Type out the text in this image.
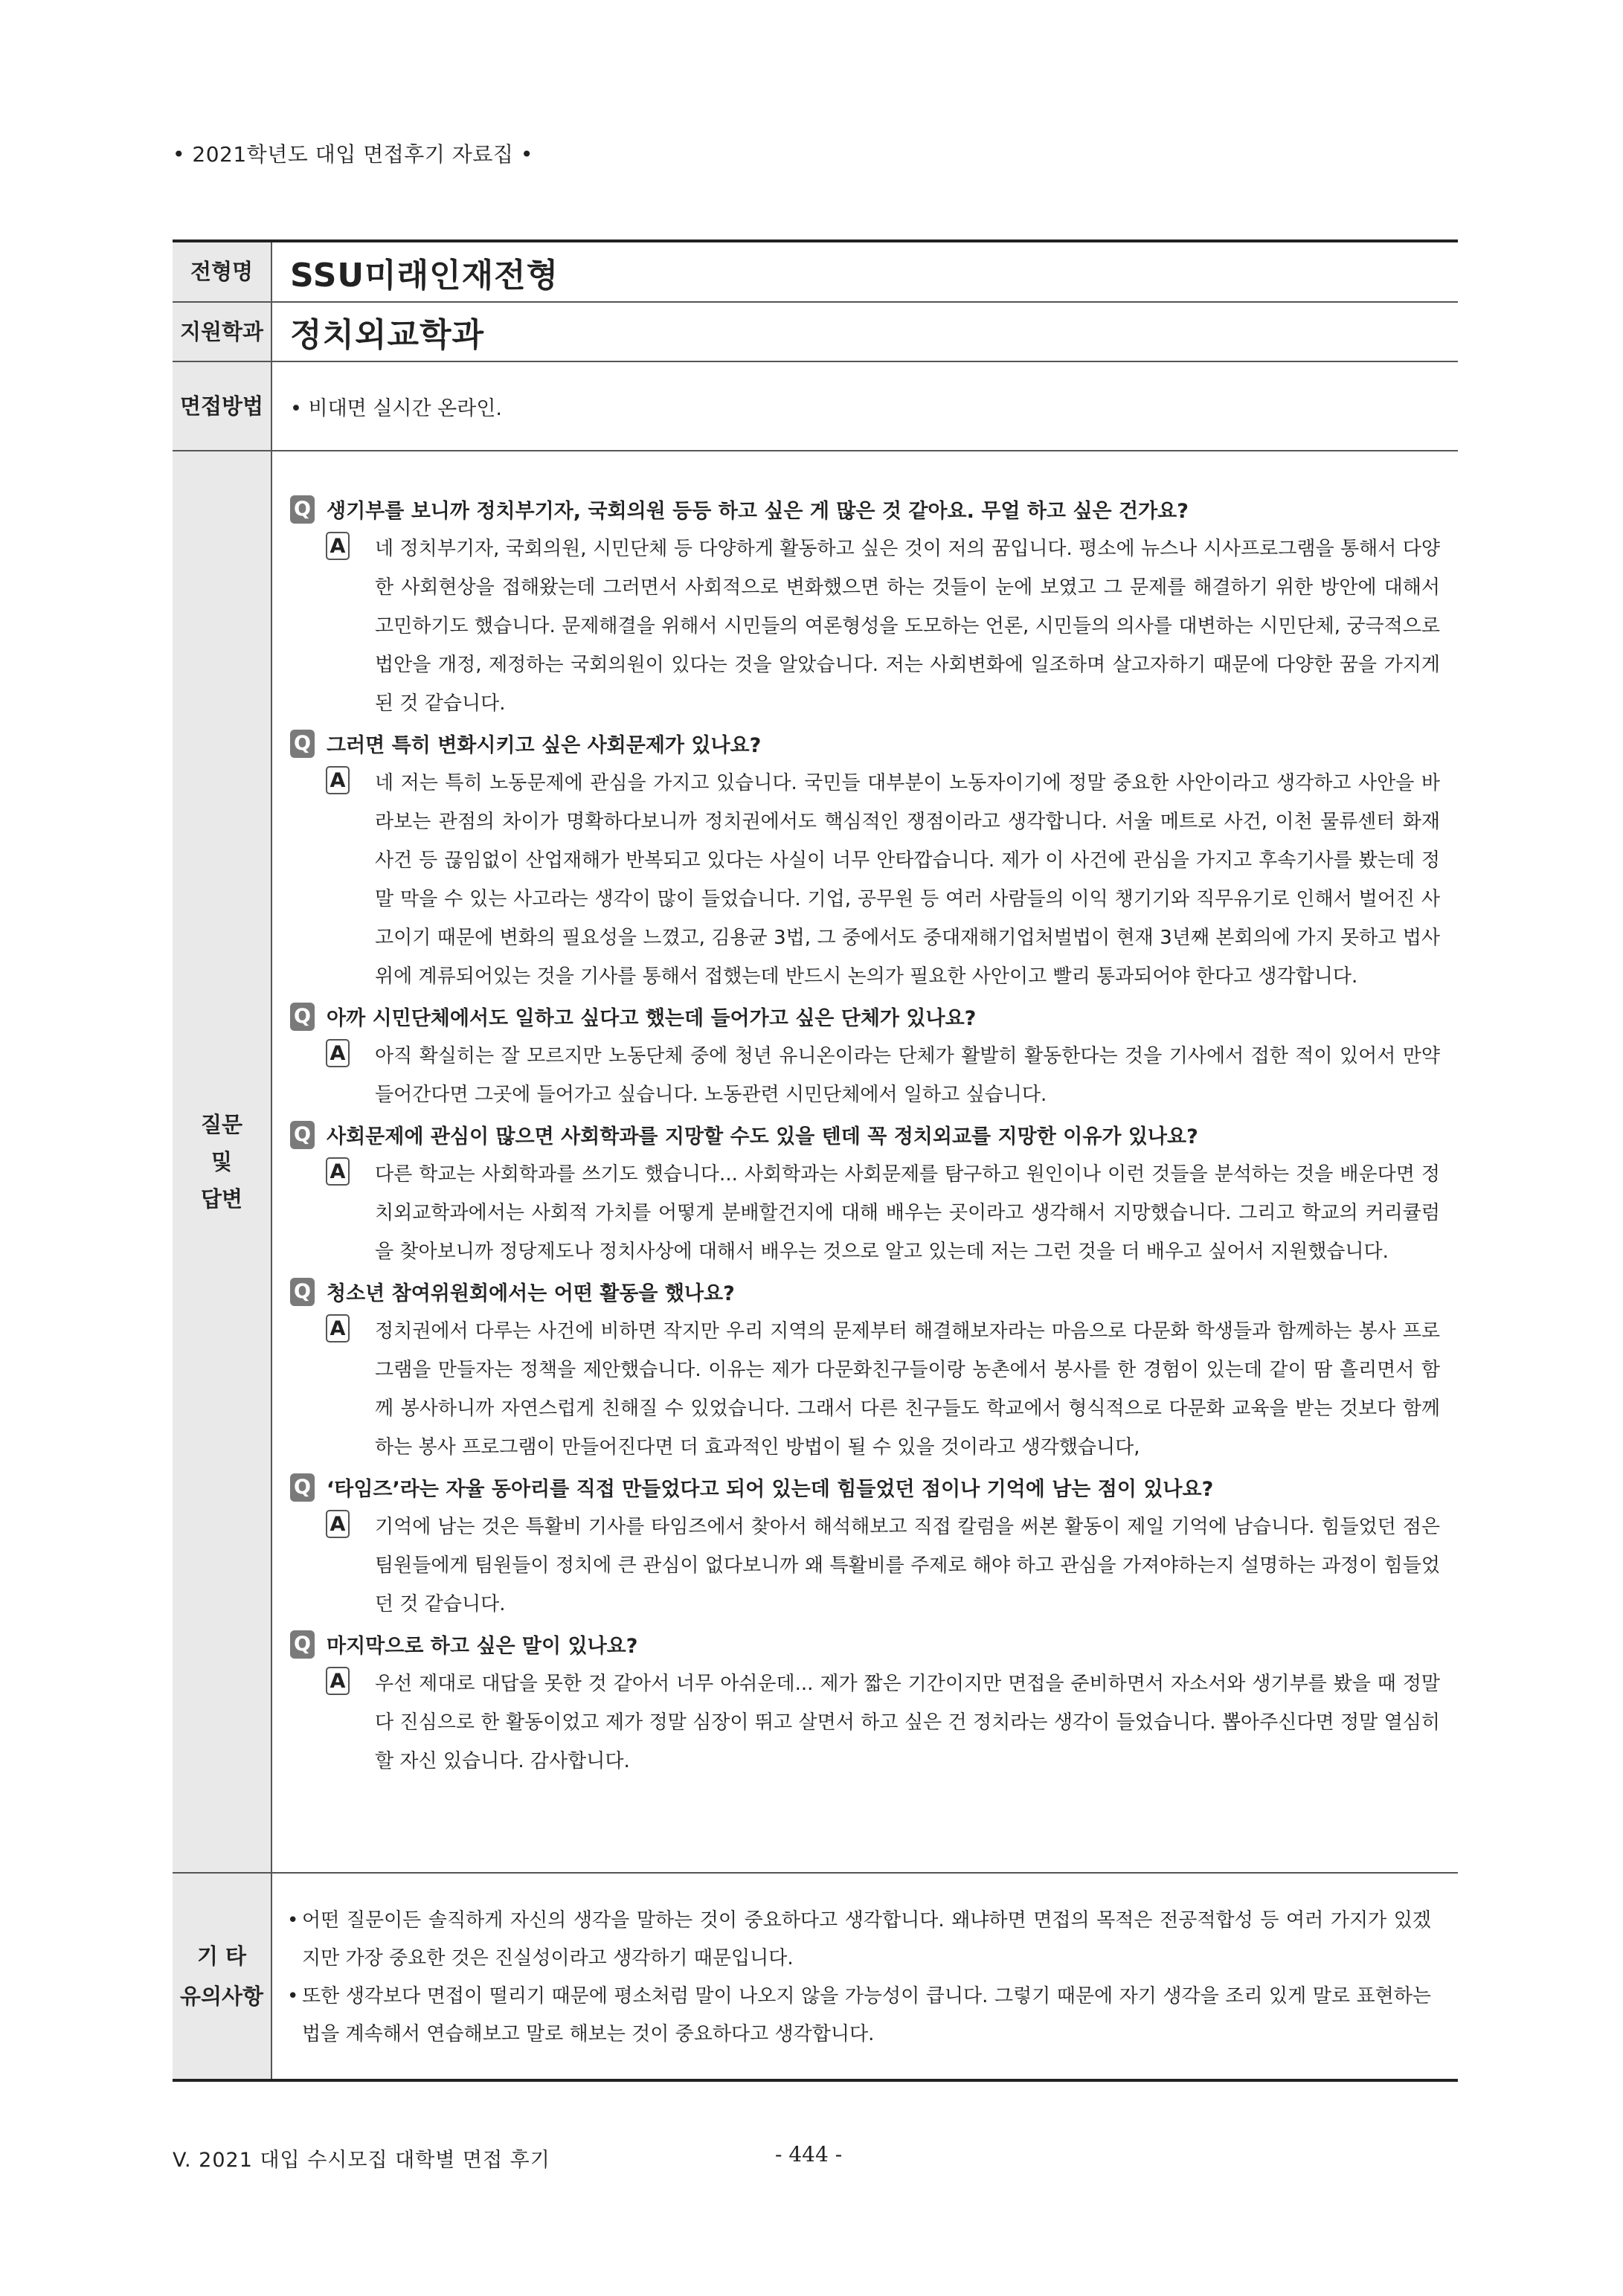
• 2021학년도 대입 면접후기 자료집 •
전형명	SSU미래인재전형
지원학과 정치외교학과
면접방법	• 비대면 실시간 온라인.
질문
및
답변
Q 생기부를 보니까 정치부기자, 국회의원 등등 하고 싶은 게 많은 것 같아요. 무얼 하고 싶은 건가요?
A 네 정치부기자, 국회의원, 시민단체 등 다양하게 활동하고 싶은 것이 저의 꿈입니다. 평소에 뉴스나 시사프로그램을 통해서 다양한 사회현상을 접해왔는데 그러면서 사회적으로 변화했으면 하는 것들이 눈에 보였고 그 문제를 해결하기 위한 방안에 대해서 고민하기도 했습니다. 문제해결을 위해서 시민들의 여론형성을 도모하는 언론, 시민들의 의사를 대변하는 시민단체, 궁극적으로 법안을 개정, 제정하는 국회의원이 있다는 것을 알았습니다. 저는 사회변화에 일조하며 살고자하기 때문에 다양한 꿈을 가지게 된 것 같습니다.
Q 그러면 특히 변화시키고 싶은 사회문제가 있나요?
A 네 저는 특히 노동문제에 관심을 가지고 있습니다. 국민들 대부분이 노동자이기에 정말 중요한 사안이라고 생각하고 사안을 바라보는 관점의 차이가 명확하다보니까 정치권에서도 핵심적인 쟁점이라고 생각합니다. 서울 메트로 사건, 이천 물류센터 화재 사건 등 끊임없이 산업재해가 반복되고 있다는 사실이 너무 안타깝습니다. 제가 이 사건에 관심을 가지고 후속기사를 봤는데 정말 막을 수 있는 사고라는 생각이 많이 들었습니다. 기업, 공무원 등 여러 사람들의 이익 챙기기와 직무유기로 인해서 벌어진 사고이기 때문에 변화의 필요성을 느꼈고, 김용균 3법, 그 중에서도 중대재해기업처벌법이 현재 3년째 본회의에 가지 못하고 법사위에 계류되어있는 것을 기사를 통해서 접했는데 반드시 논의가 필요한 사안이고 빨리 통과되어야 한다고 생각합니다.
Q 아까 시민단체에서도 일하고 싶다고 했는데 들어가고 싶은 단체가 있나요?
A 아직 확실히는 잘 모르지만 노동단체 중에 청년 유니온이라는 단체가 활발히 활동한다는 것을 기사에서 접한 적이 있어서 만약 들어간다면 그곳에 들어가고 싶습니다. 노동관련 시민단체에서 일하고 싶습니다.
Q 사회문제에 관심이 많으면 사회학과를 지망할 수도 있을 텐데 꼭 정치외교를 지망한 이유가 있나요?
A 다른 학교는 사회학과를 쓰기도 했습니다... 사회학과는 사회문제를 탐구하고 원인이나 이런 것들을 분석하는 것을 배운다면 정치외교학과에서는 사회적 가치를 어떻게 분배할건지에 대해 배우는 곳이라고 생각해서 지망했습니다. 그리고 학교의 커리큘럼을 찾아보니까 정당제도나 정치사상에 대해서 배우는 것으로 알고 있는데 저는 그런 것을 더 배우고 싶어서 지원했습니다.
Q 청소년 참여위원회에서는 어떤 활동을 했나요?
A 정치권에서 다루는 사건에 비하면 작지만 우리 지역의 문제부터 해결해보자라는 마음으로 다문화 학생들과 함께하는 봉사 프로그램을 만들자는 정책을 제안했습니다. 이유는 제가 다문화친구들이랑 농촌에서 봉사를 한 경험이 있는데 같이 땀 흘리면서 함께 봉사하니까 자연스럽게 친해질 수 있었습니다. 그래서 다른 친구들도 학교에서 형식적으로 다문화 교육을 받는 것보다 함께하는 봉사 프로그램이 만들어진다면 더 효과적인 방법이 될 수 있을 것이라고 생각했습니다,
Q ‘타임즈’라는 자율 동아리를 직접 만들었다고 되어 있는데 힘들었던 점이나 기억에 남는 점이 있나요?
A 기억에 남는 것은 특활비 기사를 타임즈에서 찾아서 해석해보고 직접 칼럼을 써본 활동이 제일 기억에 남습니다. 힘들었던 점은 팀원들에게 팀원들이 정치에 큰 관심이 없다보니까 왜 특활비를 주제로 해야 하고 관심을 가져야하는지 설명하는 과정이 힘들었던 것 같습니다.
Q 마지막으로 하고 싶은 말이 있나요?
A 우선 제대로 대답을 못한 것 같아서 너무 아쉬운데... 제가 짧은 기간이지만 면접을 준비하면서 자소서와 생기부를 봤을 때 정말 다 진심으로 한 활동이었고 제가 정말 심장이 뛰고 살면서 하고 싶은 건 정치라는 생각이 들었습니다. 뽑아주신다면 정말 열심히 할 자신 있습니다. 감사합니다.
기 타
유의사항
• 어떤 질문이든 솔직하게 자신의 생각을 말하는 것이 중요하다고 생각합니다. 왜냐하면 면접의 목적은 전공적합성 등 여러 가지가 있겠지만 가장 중요한 것은 진실성이라고 생각하기 때문입니다.
• 또한 생각보다 면접이 떨리기 때문에 평소처럼 말이 나오지 않을 가능성이 큽니다. 그렇기 때문에 자기 생각을 조리 있게 말로 표현하는 법을 계속해서 연습해보고 말로 해보는 것이 중요하다고 생각합니다.
V. 2021 대입 수시모집 대학별 면접 후기	- 444 -
